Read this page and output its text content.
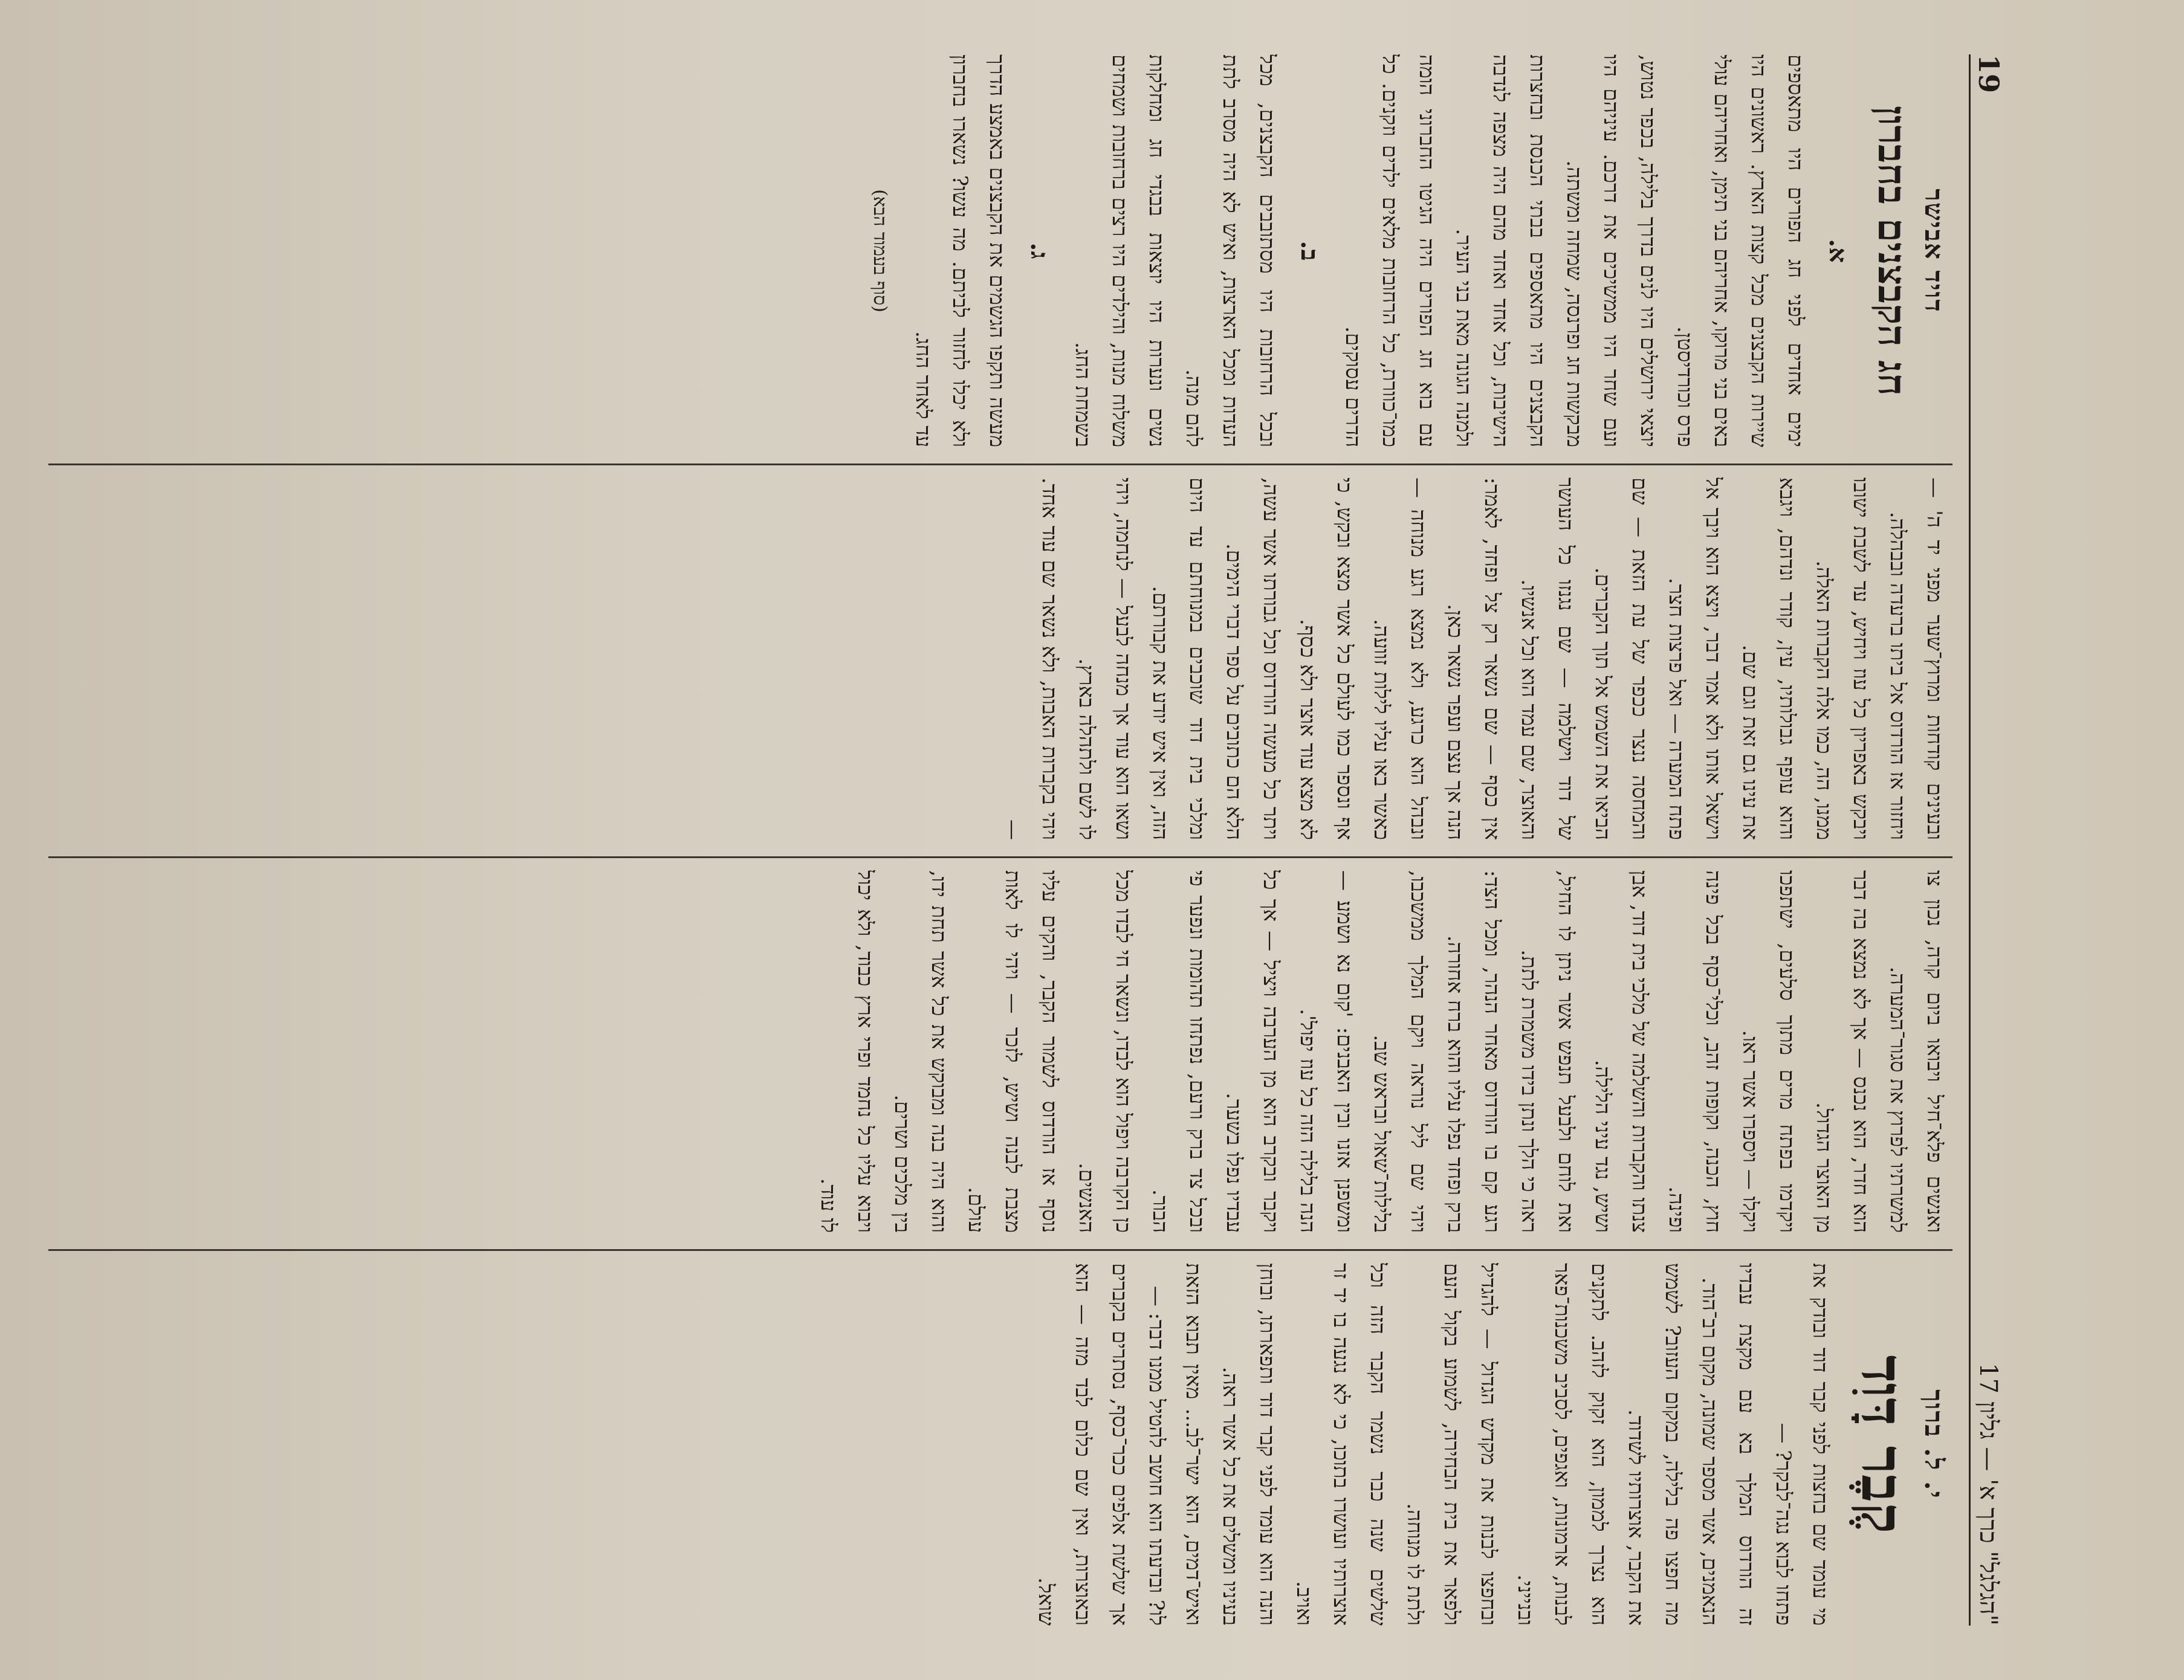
"הגלגל" כרך א' — גליון 17
19
י. ל. ברוך
קֶבֶר דָּוִד

מי עומד שם בחצות לפני קבר דוד ובודק את פתחו לבוא נגה־לבקר? —

זה הורדוס המלך בא עם מקצת עבדיו הנאמנים, אשר מספר שמונה, מקום רב־הוד.

מה חפצו פה בלילה, במקום העזוב? לשמש את הקבר, אוצרותיו לשדוד.

הוא נצרך לממון, הוא זקוק לזהב. לתקנים לבנות, ארמונות, ואגפים, לסביב משכנות־פאר ובנייני.

ובחפצו לבנות את מקדש הגדול — להגדיל ולפאר את בית הבחירה, לשמוע בקול העם ולתת לו מנוחה.

שלשים שנה כבר נשמר הקבר הזה וכל אוצרותיו ועושרו בתוכו, כי לא נגעה בו יד זר ואויב.

והנה הוא עומד לפני קבר דוד ותפארתו, ובוחן בעיניו ומשלים את כל אשר ראה.

ואיש־דמים, הוא ישר־לב... מאין תבוא הזאת לו? ובדעתו הוא חושב להטיל ממנו דבר: —

אך שלשת אלפים ככר־כסף, נסתרים בקברים ובאוצרות, ואין שם כלום לבד מזה — הוא שואל.

ואנשים פלא־חיל ויבואו ביום קרה, נכון צו למשרתיו לפרוץ את סגור־המערה.

הוא חדר, הוא נכנס — אך לא נמצא בה דבר מן האוצר הגדול.

ויקדמו בפתח מרים מתוך סלעים, ישתפכו ויקלו — ויספרו אשר ראו.

חוץ, הכנה, וקופות זהב, וכלי־כסף בכל פינה ופינה.

צנתו והקברות והשלמה של מלכי בית דוד, אבן ושיש, נגד עיני הלילה.

ואת לוחם ולבעל תנפש אשר ניתן לו החיל, ראה כי הלך ונתן בידו משמרת לתת.

רגע קם בו הורדוס מאחר הנהר, ומכל הצד: ברק ופחד נפלו עליו והוא ברח אחורה.

ויהי שם ליל נוראה ויקם המלך ממשכבו, בלילות־שאול ובראש שב.

ומשפנן אזנו ובין האבנים: 'קום נא ושמע — הנה בלילה הזה כל עוז יפול'.

ויקבר ובקרב הוא מן הערבה ויציל — אך כל עבדיו נפלו בשער.

ובכל צד ברק ורעם, נפתחו תהומות ונפער פי הבור.

כן הקרבה ויפול הוא לבדו, ונשאר חי לבדו מכל האנשים.

נוסף אז הורדוס לשמור הקבר, והקים עליו מצבת לבנה ושיש, לזכר — ויהי לו לאות עולם.

והוא היה בנה ומבוקש את כל אשר תחת ידו, בין מלכים ושרים.

ויבוא עליו כל נחמד ופרי ארץ כבוד, ולא יכול לו עוד.

ובעינים קודחות ומרוץ־שער מפני יד ה' — ויחזור אז הורדוס אל ביתו ברעדה ובבהלה.

ויבקש באפריון כל עוז ויחיש, עד לשבת ישובו ממנו, הה, כמו אלה הקברות האלה.

והוא עופף גבולותיו, עין, קודר ונדהם, ויגבא את עינו גם זאת וגם שם.

וישאל אותו ולא אמר דבר, ויצא הוא ויבך אל פתח המערה — ואל פרצות חצר.

והמחסה ננצר ככפר של עת הזאת — שם הביאו את השמש אל תוך הקברים.

של דוד וישלמה — שם נגנזו כל העושר והאוצר, שם עמד הוא וכל אנשיו.

אין כסף — שם נשאר רק צל ופחד, לאמר: הנה אך עצם ועפר נשאר כאן.

ונבהל הוא כרגע, ולא נמצא רגע מנוחה — כאשר באו עליו לילות זוועה.

אף ונספר כמו לעולם כל אשר מצא ובקש, כי לא מצא עוד אוצר ולא כסף.

ויתר כל מעשה הורדוס וכל גבורתו אשר עשה, הלא הם כתובים על ספר דברי הימים.

ומלכי בית דוד שוכבים במנוחתם עד היום הזה, ואין איש יודע את קבורתם.

ושאו הוא עוד אך מנחה לבעל — לנחמה, ויהי לו לשם ולתהלה בארץ.

ויהי בקברות האבות, ולא נשאר שם עוד אחד. —

דויד אבישר
חג הקבצנים בחברון
א.

ימים אחדים לפני חג הפורים היו מתאספים שיירות הקבצנים מכל קצות הארץ. ראשונים היו באים בני מרוקו, אחריהם בני תימן, ואחריהם עולי פרס וכורדיסטן.

יוצאי ירושלים היו לנים בדרך בלילה, בכפר נטוש, ועם שחר היו ממשיכים את דרכם. עיניהם היו מבקשות חג ופרנסה, שמחה ומשתה.

הקבצנים היו מתאספים בבתי הכנסת ובחצרות הישיבות, וכל אחד ואחד מהם היה מצפה לנדבה ולמנה הגונה מאת בני העיר.

עם בוא חג הפורים היה הגיטו החברוני הומה כמו־כוורת, כל הרחובות מלאים ילדים וזקנים. כל הדרים עסוקים.

ב.

ובכל הרחובות היו מסתובבים הקבצנים, מכל העדות ומכל הארצות, ואיש לא היה מסרב לתת להם מנה.

נשים ונערות היו יוצאות בבגדי חג ומחלקות משלוח מנות, והילדים היו רצים ברחובות ושמחים בשמחת החג.

ג.

מעשה ותקפו הגשמים את הקבצנים באמצע הדרך ולא יכלו לחזור לביתם. מה עשו? נשארו בחברון עד לאחר החג.

(סוף בעמוד הבא)
